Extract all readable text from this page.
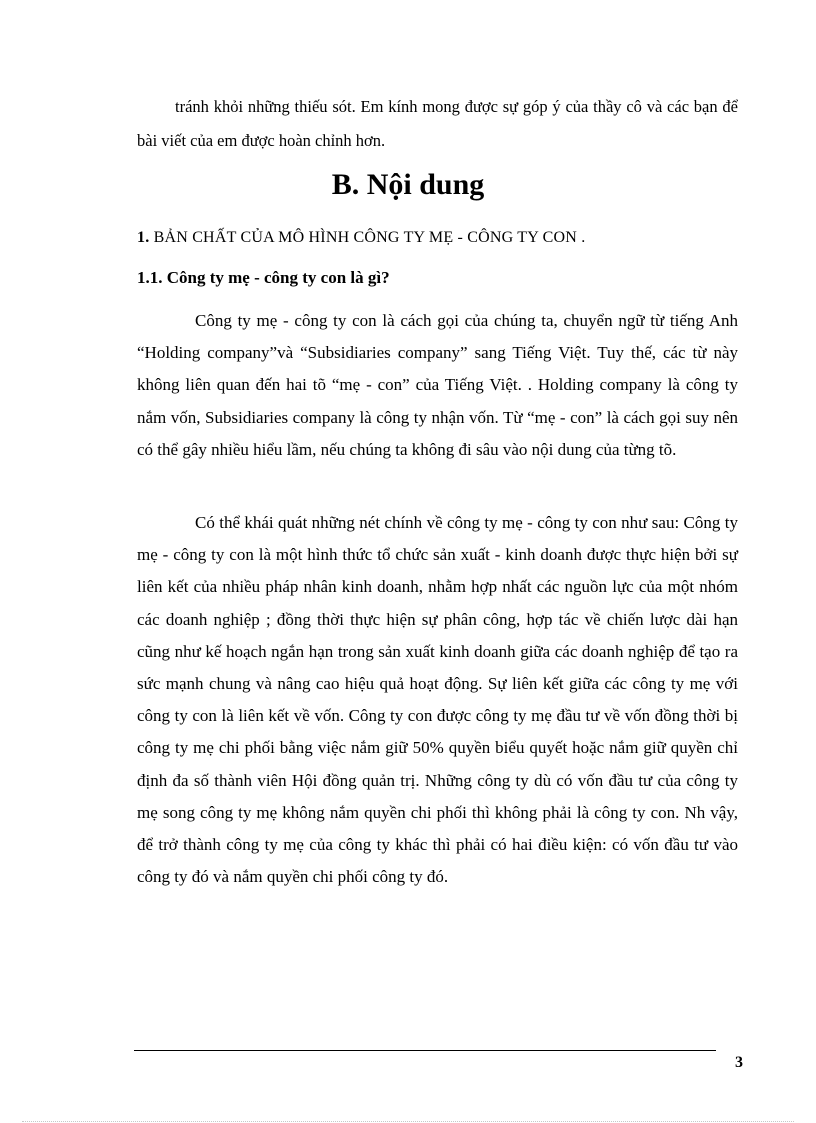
tránh khỏi những thiếu sót. Em kính mong được sự góp ý của thầy cô và các bạn để bài viết của em được hoàn chỉnh hơn.

B. Nội dung

1. BẢN CHẤT CỦA MÔ HÌNH CÔNG TY MẸ - CÔNG TY CON .

1.1. Công ty mẹ - công ty con là gì?

Công ty mẹ - công ty con là cách gọi của chúng ta, chuyển ngữ từ tiếng Anh “Holding company”và “Subsidiaries company” sang Tiếng Việt. Tuy thế, các từ này không liên quan đến hai tõ “mẹ - con” của Tiếng Việt. . Holding company là công ty nắm vốn, Subsidiaries company là công ty nhận vốn. Từ “mẹ - con” là cách gọi suy nên có thể gây nhiều hiểu lầm, nếu chúng ta không đi sâu vào nội dung của từng tõ.

Có thể khái quát những nét chính về công ty mẹ - công ty con như sau: Công ty mẹ - công ty con là một hình thức tổ chức sản xuất - kinh doanh được thực hiện bởi sự liên kết của nhiều pháp nhân kinh doanh, nhằm hợp nhất các nguồn lực của một nhóm các doanh nghiệp ; đồng thời thực hiện sự phân công, hợp tác về chiến lược dài hạn cũng như kế hoạch ngắn hạn trong sản xuất kinh doanh giữa các doanh nghiệp để tạo ra sức mạnh chung và nâng cao hiệu quả hoạt động. Sự liên kết giữa các công ty mẹ với công ty con là liên kết về vốn. Công ty con được công ty mẹ đầu tư về vốn đồng thời bị công ty mẹ chi phối bằng việc nắm giữ 50% quyền biểu quyết hoặc nắm giữ quyền chỉ định đa số thành viên Hội đồng quản trị. Những công ty dù có vốn đầu tư của công ty mẹ song công ty mẹ không nắm quyền chi phối thì không phải là công ty con. Nh vậy, để trở thành công ty mẹ của công ty khác thì phải có hai điều kiện: có vốn đầu tư vào công ty đó và nắm quyền chi phối công ty đó.

3
